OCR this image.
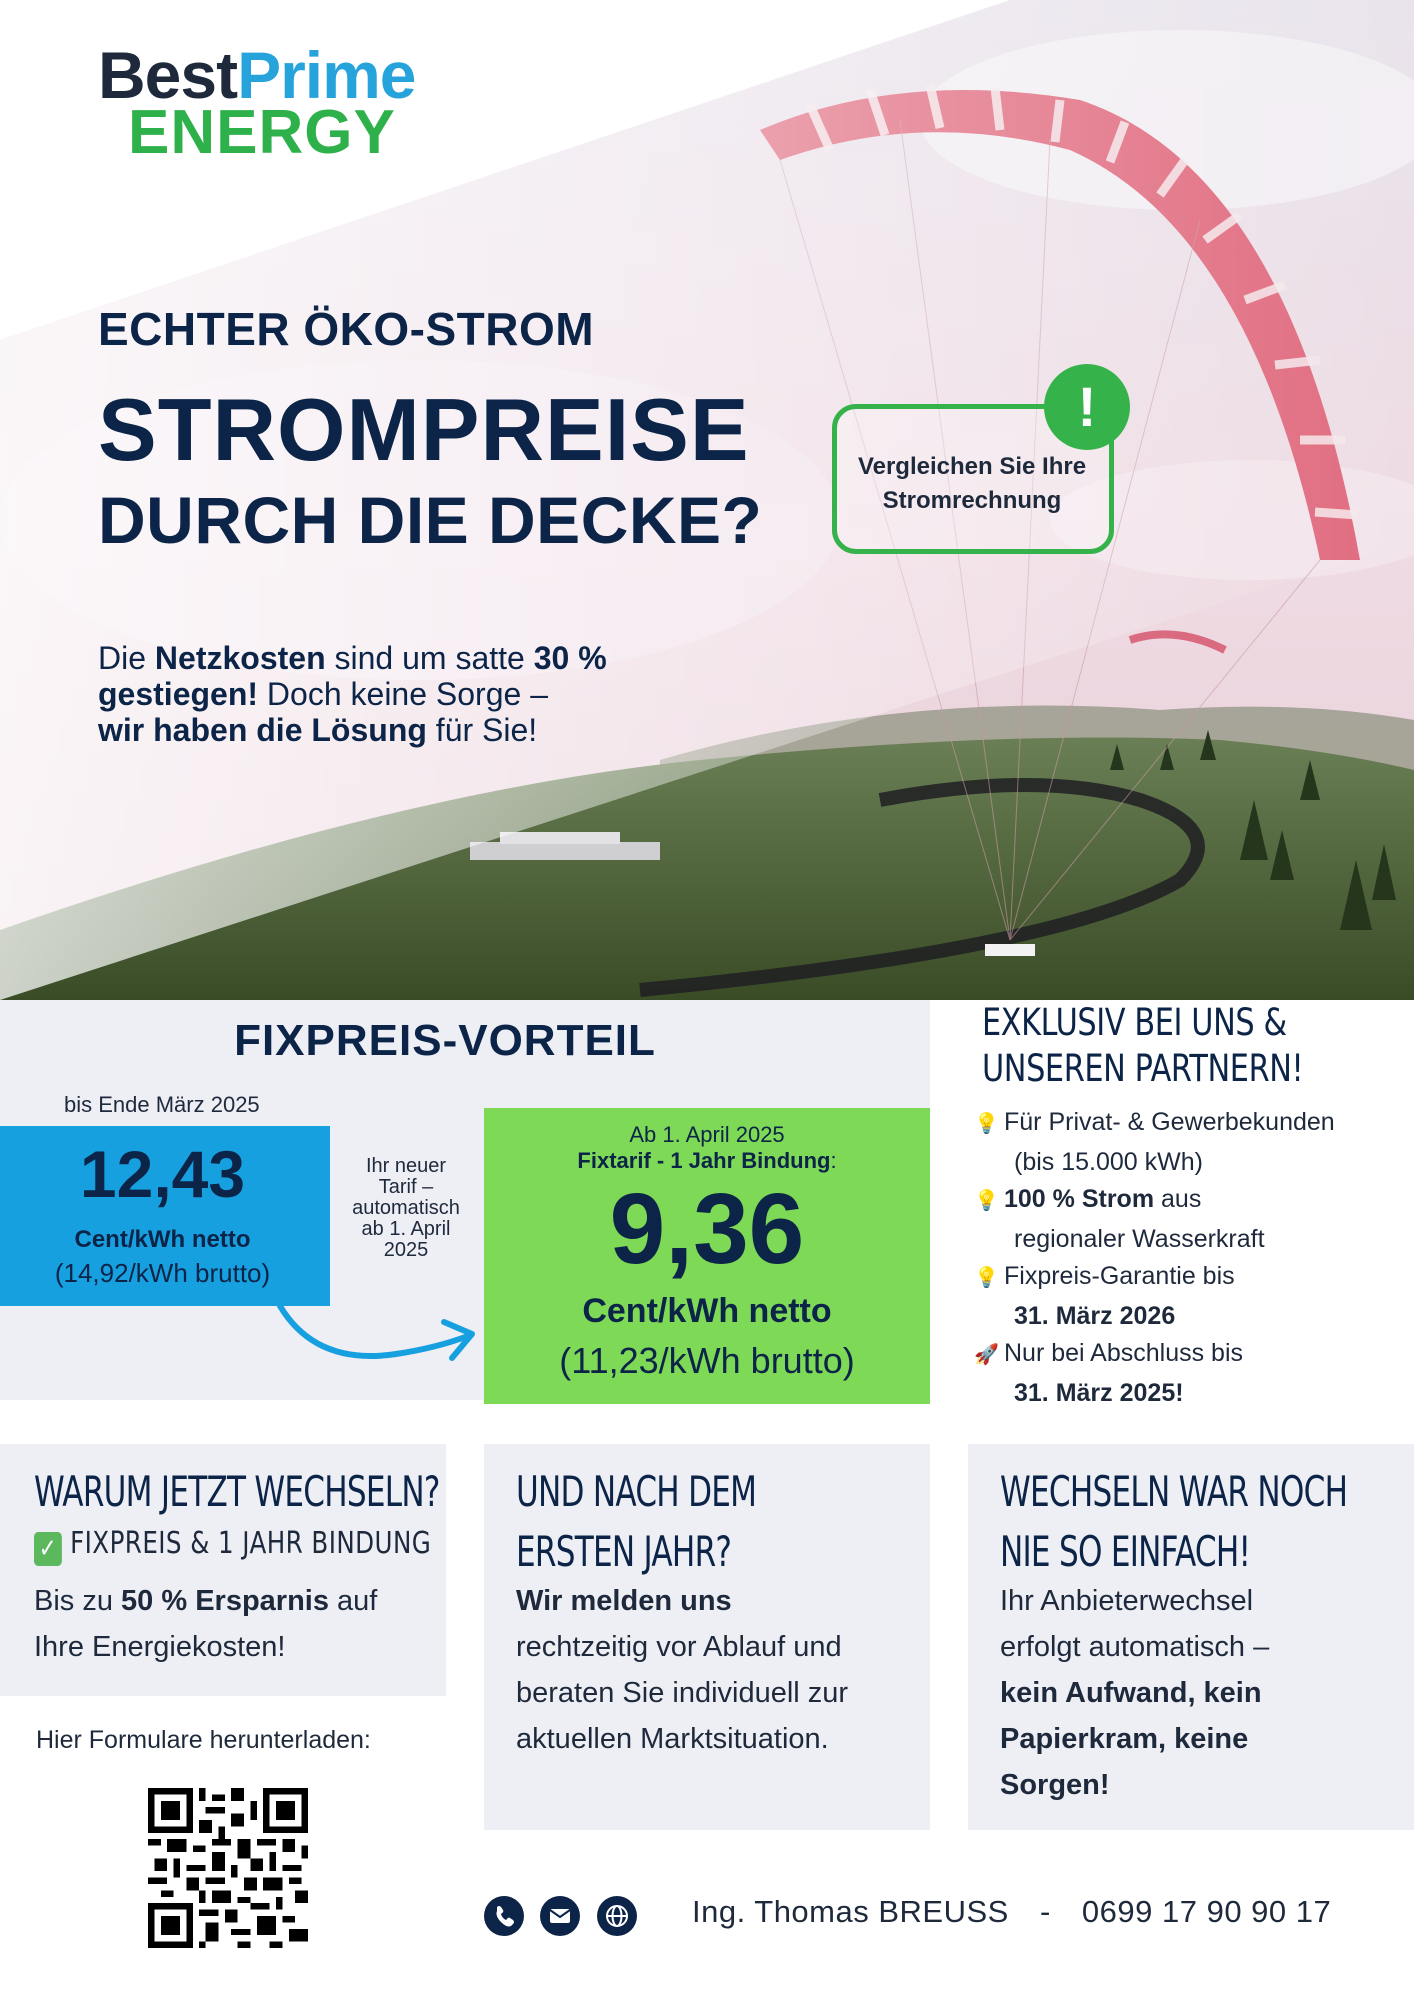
BestPrime
ENERGY
ECHTER ÖKO-STROM
STROMPREISE
DURCH DIE DECKE?
Die Netzkosten sind um satte 30 %
gestiegen! Doch keine Sorge –
wir haben die Lösung für Sie!
Vergleichen Sie Ihre
Stromrechnung
!
FIXPREIS-VORTEIL
bis Ende März 2025
12,43
Cent/kWh netto
(14,92/kWh brutto)
Ihr neuer
Tarif –
automatisch
ab 1. April
2025
Ab 1. April 2025
Fixtarif - 1 Jahr Bindung:
9,36
Cent/kWh netto
(11,23/kWh brutto)
EXKLUSIV BEI UNS &
UNSEREN PARTNERN!
💡 Für Privat- & Gewerbekunden
(bis 15.000 kWh)
💡 100 % Strom aus
regionaler Wasserkraft
💡 Fixpreis-Garantie bis
31. März 2026
🚀 Nur bei Abschluss bis
31. März 2025!
WARUM JETZT WECHSELN?
✓ FIXPREIS & 1 JAHR BINDUNG
Bis zu 50 % Ersparnis auf
Ihre Energiekosten!
UND NACH DEM
ERSTEN JAHR?
Wir melden uns
rechtzeitig vor Ablauf und
beraten Sie individuell zur
aktuellen Marktsituation.
WECHSELN WAR NOCH
NIE SO EINFACH!
Ihr Anbieterwechsel
erfolgt automatisch –
kein Aufwand, kein
Papierkram, keine
Sorgen!
Hier Formulare herunterladen:

Ing. Thomas BREUSS - 0699 17 90 90 17
